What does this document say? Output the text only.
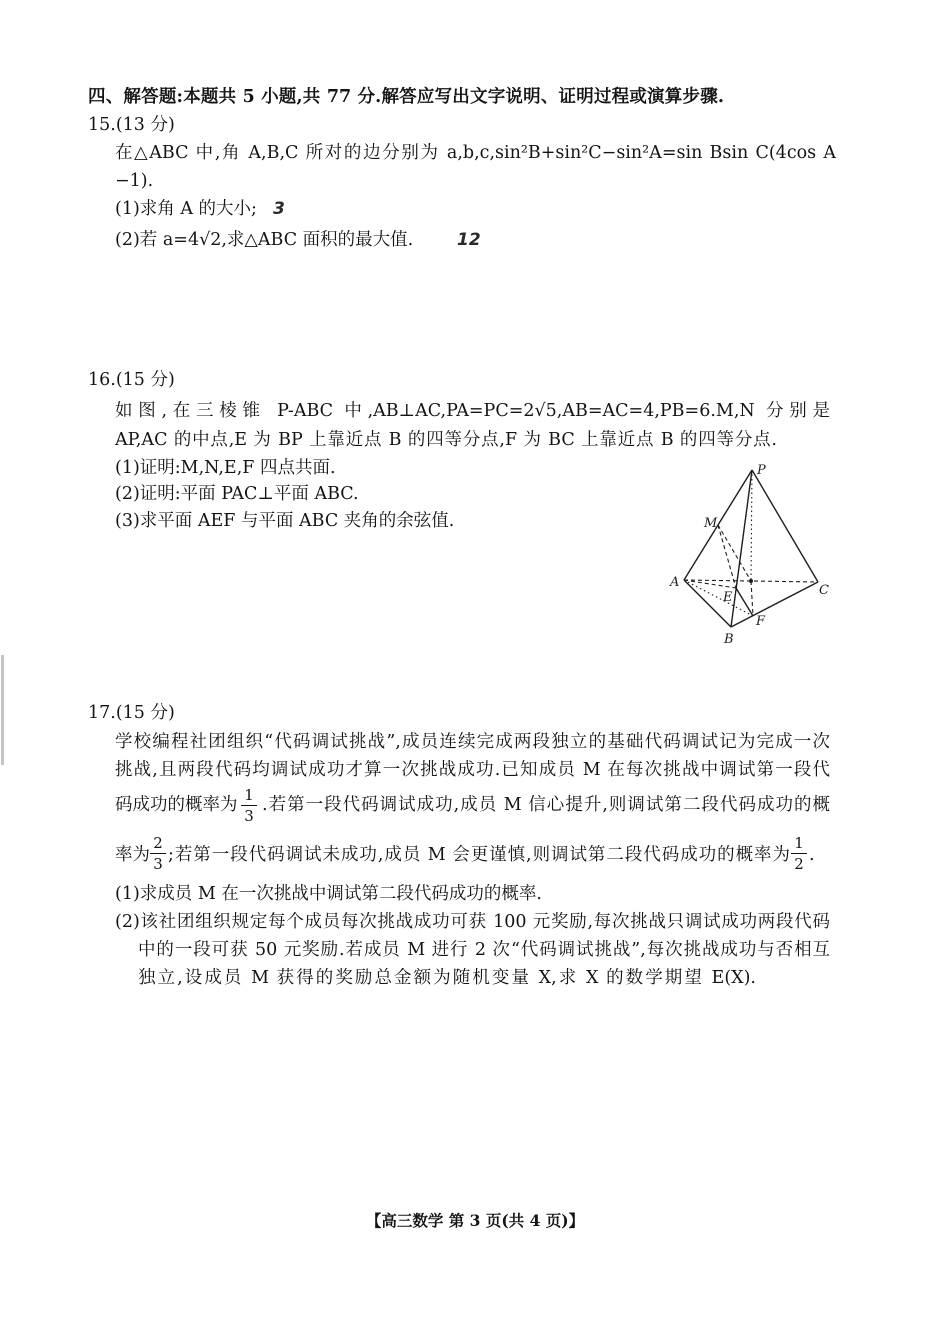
四、解答题:本题共 5 小题,共 77 分.解答应写出文字说明、证明过程或演算步骤.
15.(13 分)
在△ABC 中,角 A,B,C 所对的边分别为 a,b,c,sin²B+sin²C−sin²A=sin Bsin C(4cos A
−1).
(1)求角 A 的大小; 3
(2)若 a=4√2,求△ABC 面积的最大值.	12
16.(15 分)
如图,在三棱锥 P-ABC 中,AB⊥AC,PA=PC=2√5,AB=AC=4,PB=6.M,N 分别是
AP,AC 的中点,E 为 BP 上靠近点 B 的四等分点,F 为 BC 上靠近点 B 的四等分点.
(1)证明:M,N,E,F 四点共面.
(2)证明:平面 PAC⊥平面 ABC.
(3)求平面 AEF 与平面 ABC 夹角的余弦值.
P
M
A
C
B
E
F
17.(15 分)
学校编程社团组织“代码调试挑战”,成员连续完成两段独立的基础代码调试记为完成一次
挑战,且两段代码均调试成功才算一次挑战成功.已知成员 M 在每次挑战中调试第一段代
码成功的概率为 $\frac{1}{3}$ .若第一段代码调试成功,成员 M 信心提升,则调试第二段代码成功的概
率为 $\frac{2}{3}$ ;若第一段代码调试未成功,成员 M 会更谨慎,则调试第二段代码成功的概率为 $\frac{1}{2}$ .
(1)求成员 M 在一次挑战中调试第二段代码成功的概率.
(2)该社团组织规定每个成员每次挑战成功可获 100 元奖励,每次挑战只调试成功两段代码
中的一段可获 50 元奖励.若成员 M 进行 2 次“代码调试挑战”,每次挑战成功与否相互
独立,设成员 M 获得的奖励总金额为随机变量 X,求 X 的数学期望 E(X).
【高三数学 第 3 页(共 4 页)】
